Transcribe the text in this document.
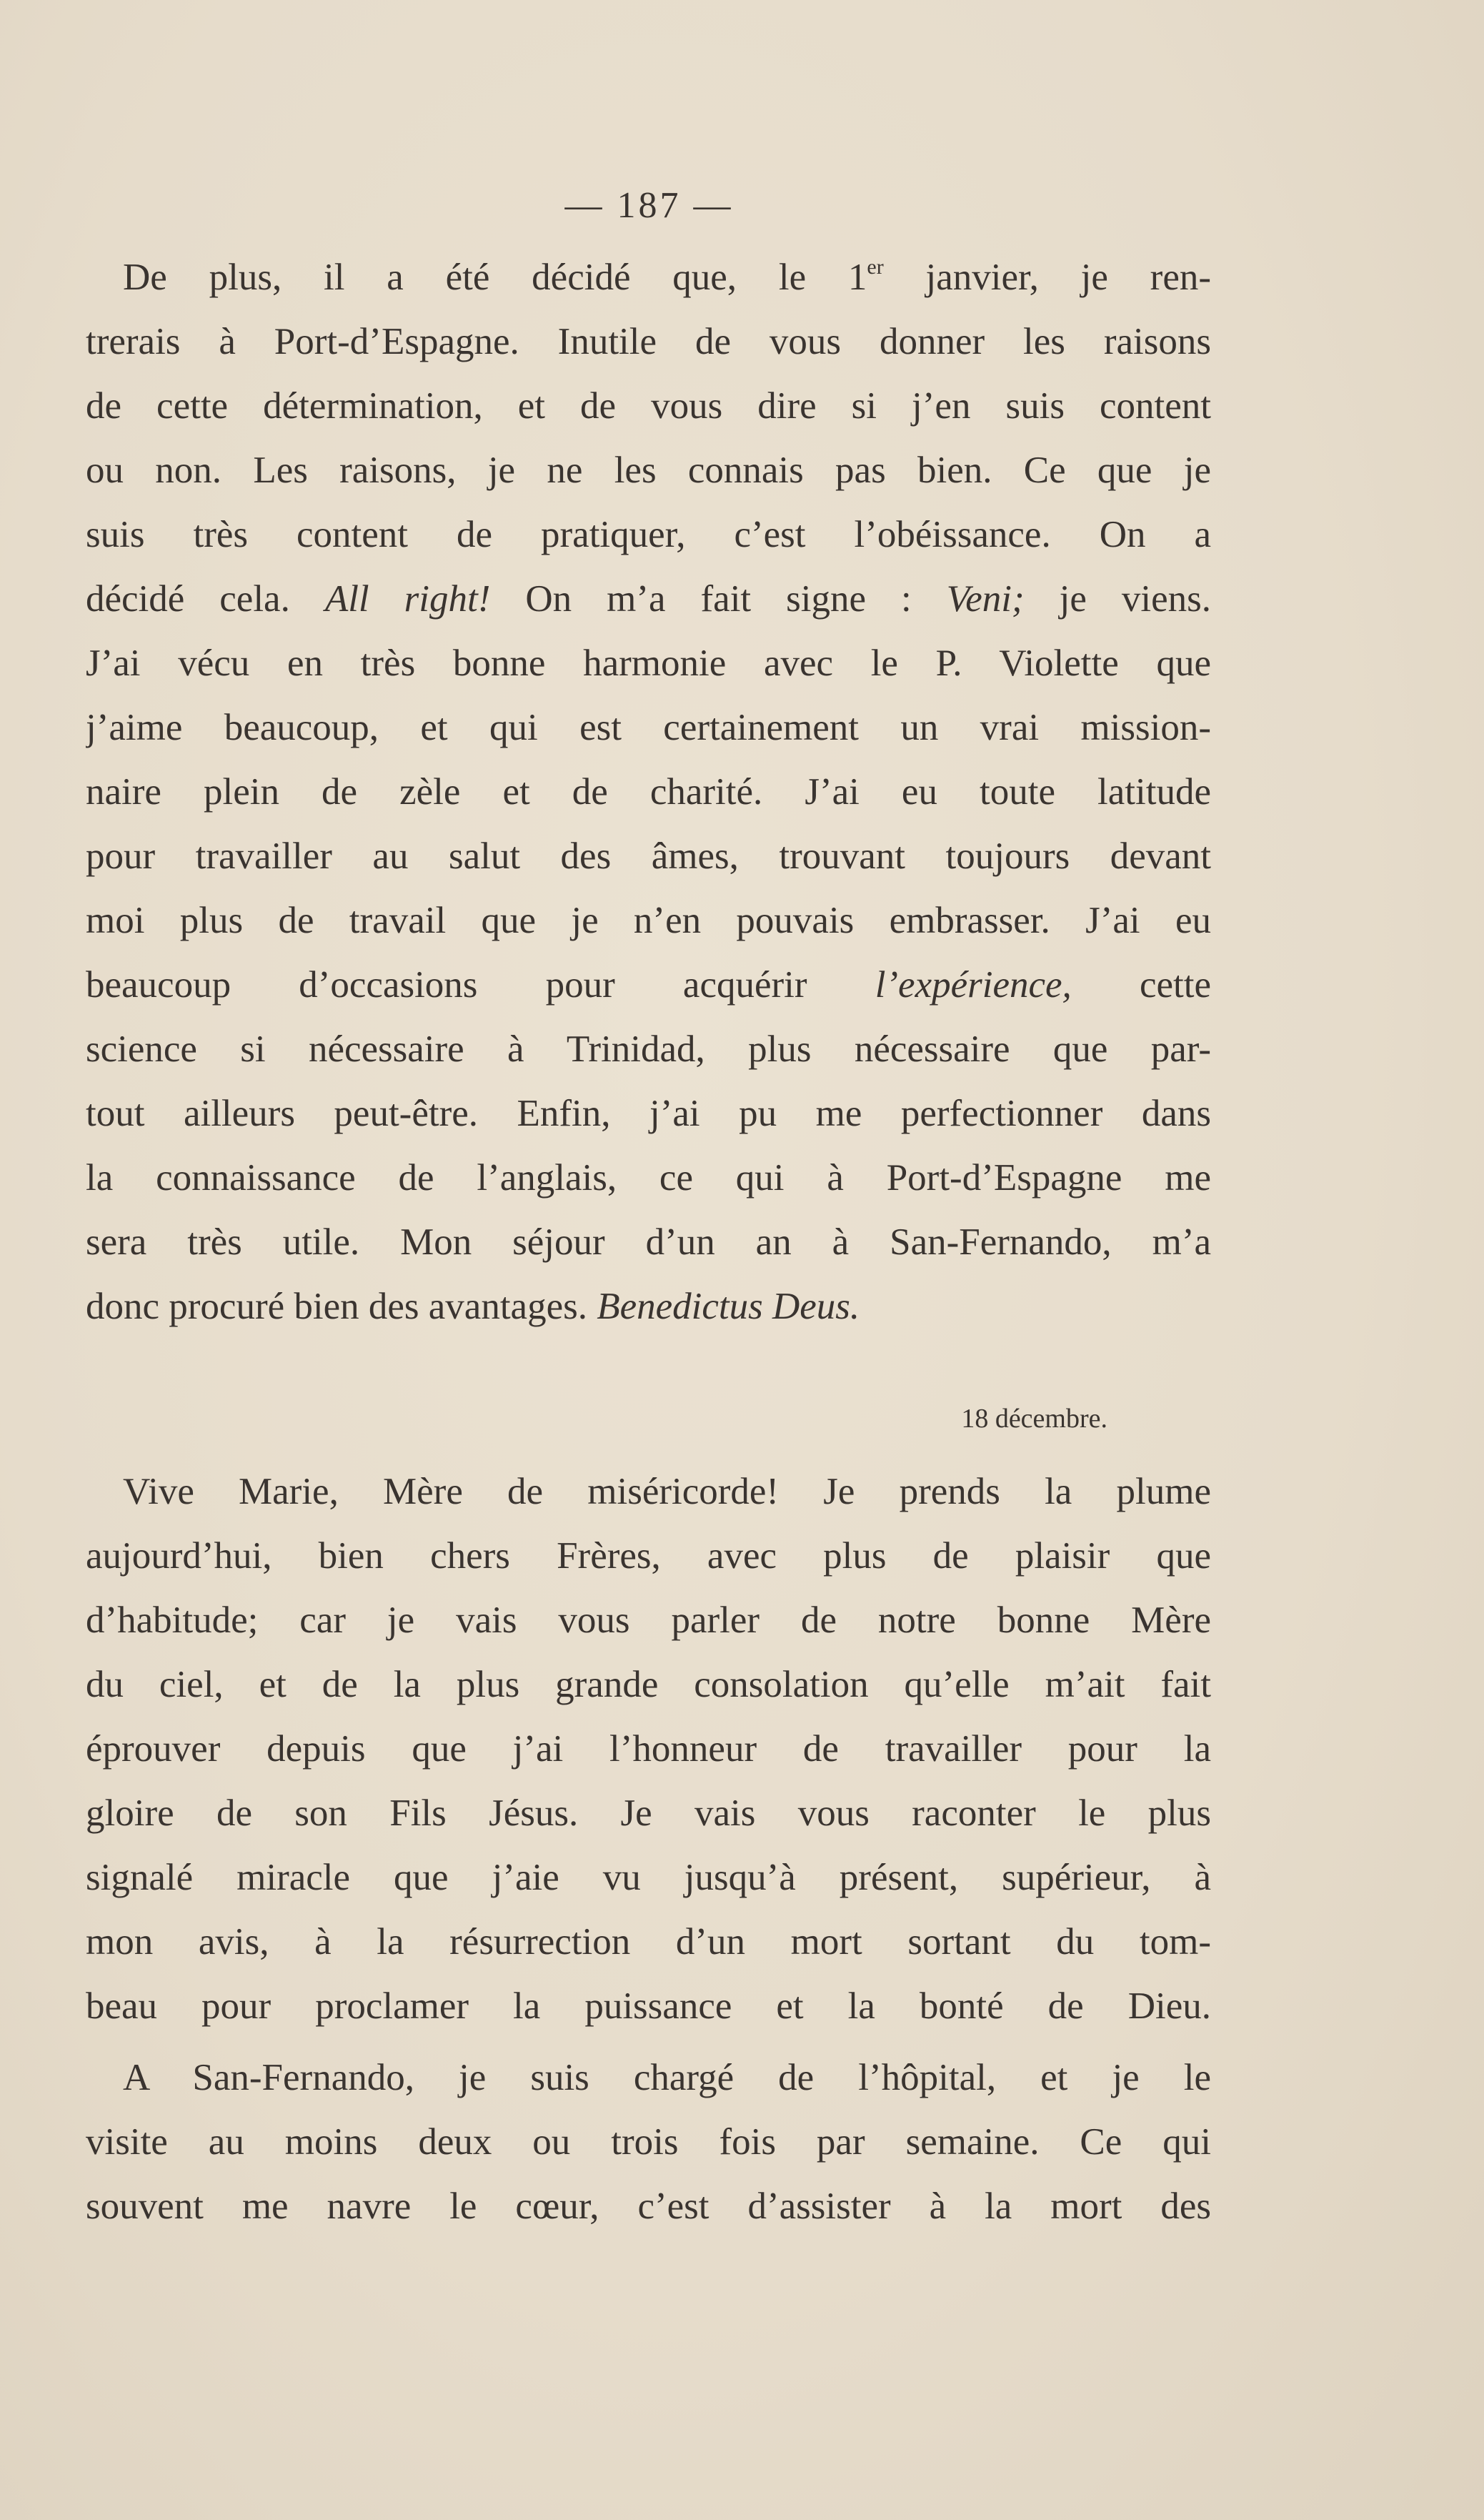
— 187 —
De plus, il a été décidé que, le 1er janvier, je ren-
trerais à Port-d’Espagne. Inutile de vous donner les raisons
de cette détermination, et de vous dire si j’en suis content
ou non. Les raisons, je ne les connais pas bien. Ce que je
suis très content de pratiquer, c’est l’obéissance. On a
décidé cela. All right! On m’a fait signe : Veni; je viens.
J’ai vécu en très bonne harmonie avec le P. Violette que
j’aime beaucoup, et qui est certainement un vrai mission-
naire plein de zèle et de charité. J’ai eu toute latitude
pour travailler au salut des âmes, trouvant toujours devant
moi plus de travail que je n’en pouvais embrasser. J’ai eu
beaucoup d’occasions pour acquérir l’expérience, cette
science si nécessaire à Trinidad, plus nécessaire que par-
tout ailleurs peut-être. Enfin, j’ai pu me perfectionner dans
la connaissance de l’anglais, ce qui à Port-d’Espagne me
sera très utile. Mon séjour d’un an à San-Fernando, m’a
donc procuré bien des avantages. Benedictus Deus.
18 décembre.
Vive Marie, Mère de miséricorde! Je prends la plume
aujourd’hui, bien chers Frères, avec plus de plaisir que
d’habitude; car je vais vous parler de notre bonne Mère
du ciel, et de la plus grande consolation qu’elle m’ait fait
éprouver depuis que j’ai l’honneur de travailler pour la
gloire de son Fils Jésus. Je vais vous raconter le plus
signalé miracle que j’aie vu jusqu’à présent, supérieur, à
mon avis, à la résurrection d’un mort sortant du tom-
beau pour proclamer la puissance et la bonté de Dieu.
A San-Fernando, je suis chargé de l’hôpital, et je le
visite au moins deux ou trois fois par semaine. Ce qui
souvent me navre le cœur, c’est d’assister à la mort des
